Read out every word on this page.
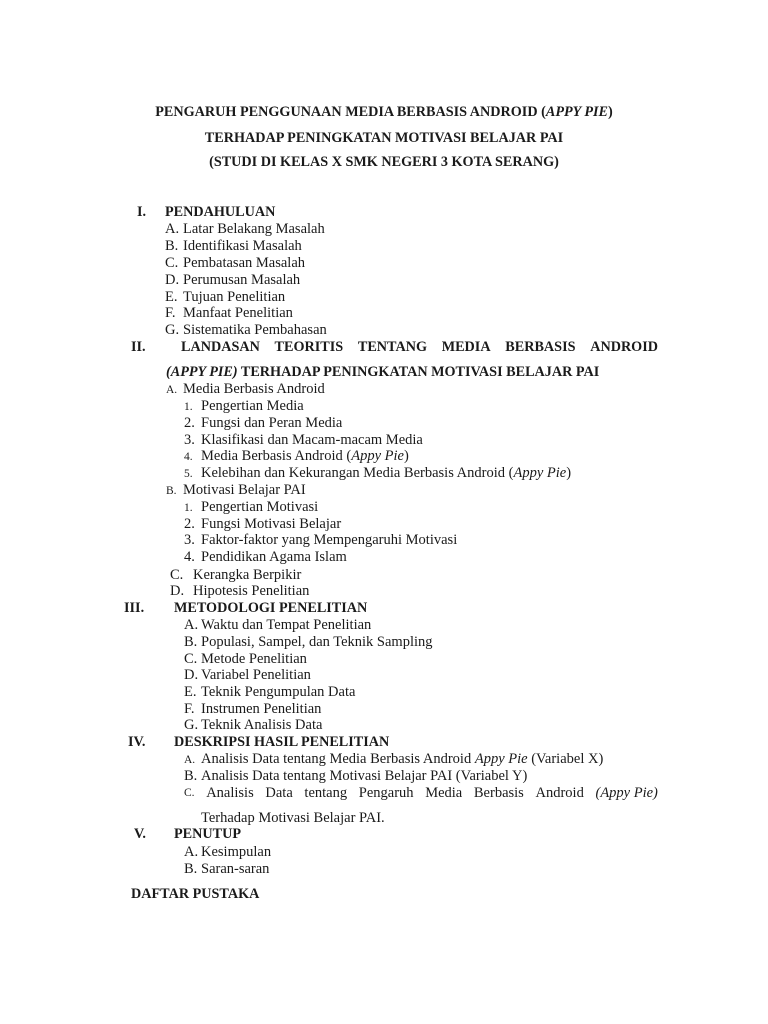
PENGARUH PENGGUNAAN MEDIA BERBASIS ANDROID (APPY PIE)
TERHADAP PENINGKATAN MOTIVASI BELAJAR PAI
(STUDI DI KELAS X SMK NEGERI 3 KOTA SERANG)
I. PENDAHULUAN
A. Latar Belakang Masalah
B. Identifikasi Masalah
C. Pembatasan Masalah
D. Perumusan Masalah
E. Tujuan Penelitian
F. Manfaat Penelitian
G. Sistematika Pembahasan
II. LANDASAN TEORITIS TENTANG MEDIA BERBASIS ANDROID
(APPY PIE) TERHADAP PENINGKATAN MOTIVASI BELAJAR PAI
A. Media Berbasis Android
1. Pengertian Media
2. Fungsi dan Peran Media
3. Klasifikasi dan Macam-macam Media
4. Media Berbasis Android (Appy Pie)
5. Kelebihan dan Kekurangan Media Berbasis Android (Appy Pie)
B. Motivasi Belajar PAI
1. Pengertian Motivasi
2. Fungsi Motivasi Belajar
3. Faktor-faktor yang Mempengaruhi Motivasi
4. Pendidikan Agama Islam
C. Kerangka Berpikir
D. Hipotesis Penelitian
III. METODOLOGI PENELITIAN
A. Waktu dan Tempat Penelitian
B. Populasi, Sampel, dan Teknik Sampling
C. Metode Penelitian
D. Variabel Penelitian
E. Teknik Pengumpulan Data
F. Instrumen Penelitian
G. Teknik Analisis Data
IV. DESKRIPSI HASIL PENELITIAN
A. Analisis Data tentang Media Berbasis Android Appy Pie (Variabel X)
B. Analisis Data tentang Motivasi Belajar PAI (Variabel Y)
C. Analisis Data tentang Pengaruh Media Berbasis Android (Appy Pie)
Terhadap Motivasi Belajar PAI.
V. PENUTUP
A. Kesimpulan
B. Saran-saran
DAFTAR PUSTAKA
